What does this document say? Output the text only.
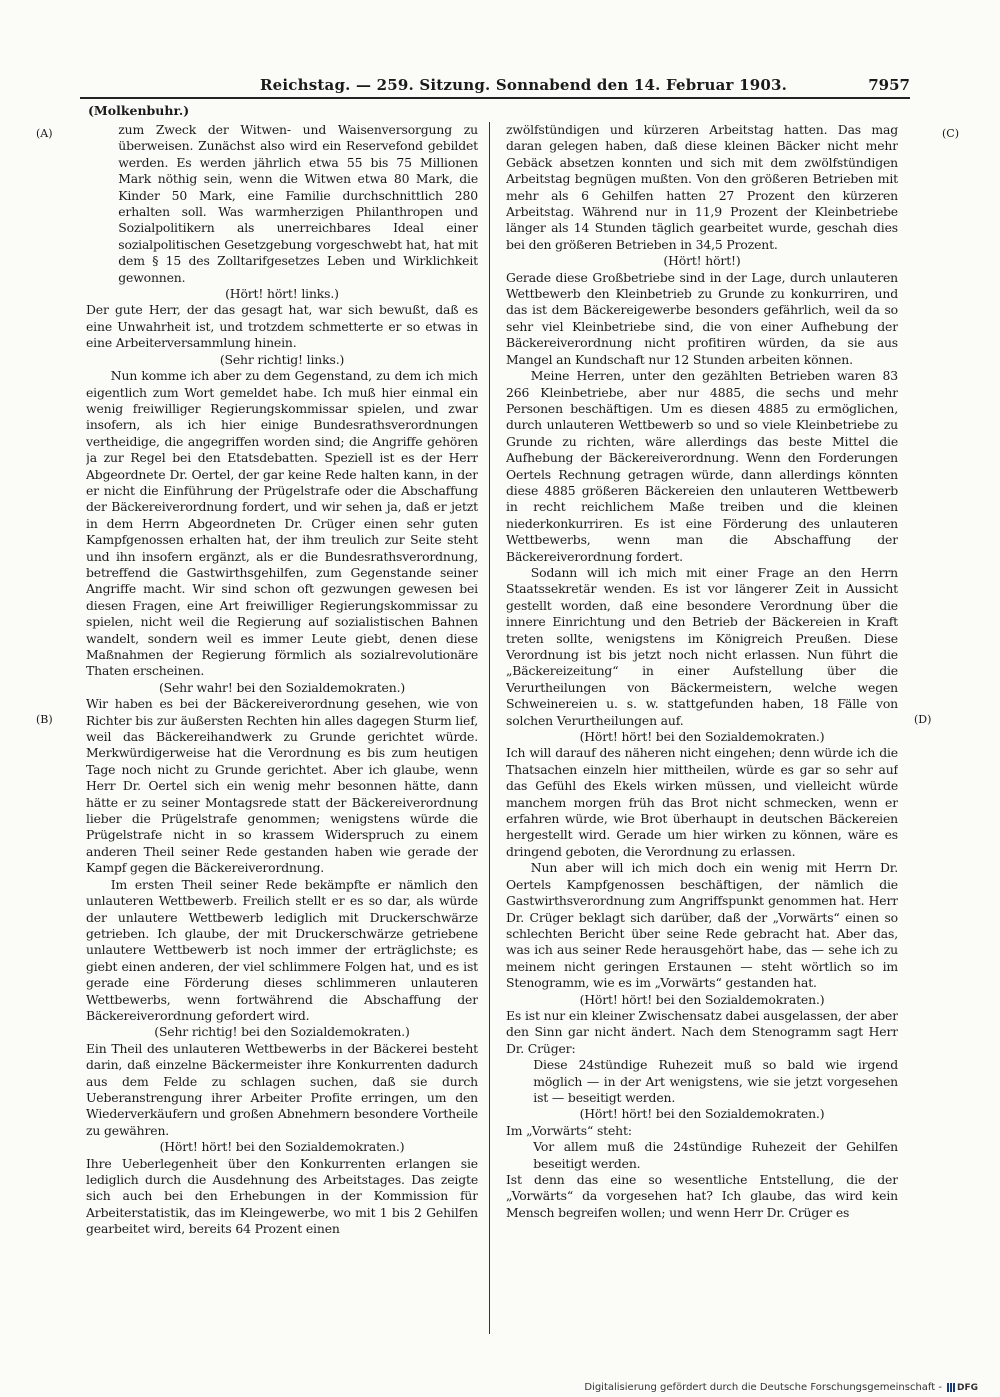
Reichstag. — 259. Sitzung. Sonnabend den 14. Februar 1903.	7957
(Molkenbuhr.)
(A)
(B)
(C)
(D)

zum Zweck der Witwen- und Waisenversorgung zu überweisen. Zunächst also wird ein Reservefond gebildet werden. Es werden jährlich etwa 55 bis 75 Millionen Mark nöthig sein, wenn die Witwen etwa 80 Mark, die Kinder 50 Mark, eine Familie durchschnittlich 280 erhalten soll. Was warmherzigen Philanthropen und Sozialpolitikern als unerreichbares Ideal einer sozialpolitischen Gesetzgebung vorgeschwebt hat, hat mit dem § 15 des Zolltarifgesetzes Leben und Wirklichkeit gewonnen.

(Hört! hört! links.)

Der gute Herr, der das gesagt hat, war sich bewußt, daß es eine Unwahrheit ist, und trotzdem schmetterte er so etwas in eine Arbeiterversammlung hinein.

(Sehr richtig! links.)

Nun komme ich aber zu dem Gegenstand, zu dem ich mich eigentlich zum Wort gemeldet habe. Ich muß hier einmal ein wenig freiwilliger Regierungskommissar spielen, und zwar insofern, als ich hier einige Bundesrathsverordnungen vertheidige, die angegriffen worden sind; die Angriffe gehören ja zur Regel bei den Etatsdebatten. Speziell ist es der Herr Abgeordnete Dr. Oertel, der gar keine Rede halten kann, in der er nicht die Einführung der Prügelstrafe oder die Abschaffung der Bäckereiverordnung fordert, und wir sehen ja, daß er jetzt in dem Herrn Abgeordneten Dr. Crüger einen sehr guten Kampfgenossen erhalten hat, der ihm treulich zur Seite steht und ihn insofern ergänzt, als er die Bundesrathsverordnung, betreffend die Gastwirthsgehilfen, zum Gegenstande seiner Angriffe macht. Wir sind schon oft gezwungen gewesen bei diesen Fragen, eine Art freiwilliger Regierungskommissar zu spielen, nicht weil die Regierung auf sozialistischen Bahnen wandelt, sondern weil es immer Leute giebt, denen diese Maßnahmen der Regierung förmlich als sozialrevolutionäre Thaten erscheinen.

(Sehr wahr! bei den Sozialdemokraten.)

Wir haben es bei der Bäckereiverordnung gesehen, wie von Richter bis zur äußersten Rechten hin alles dagegen Sturm lief, weil das Bäckereihandwerk zu Grunde gerichtet würde. Merkwürdigerweise hat die Verordnung es bis zum heutigen Tage noch nicht zu Grunde gerichtet. Aber ich glaube, wenn Herr Dr. Oertel sich ein wenig mehr besonnen hätte, dann hätte er zu seiner Montagsrede statt der Bäckereiverordnung lieber die Prügelstrafe genommen; wenigstens würde die Prügelstrafe nicht in so krassem Widerspruch zu einem anderen Theil seiner Rede gestanden haben wie gerade der Kampf gegen die Bäckereiverordnung.

Im ersten Theil seiner Rede bekämpfte er nämlich den unlauteren Wettbewerb. Freilich stellt er es so dar, als würde der unlautere Wettbewerb lediglich mit Druckerschwärze getrieben. Ich glaube, der mit Druckerschwärze getriebene unlautere Wettbewerb ist noch immer der erträglichste; es giebt einen anderen, der viel schlimmere Folgen hat, und es ist gerade eine Förderung dieses schlimmeren unlauteren Wettbewerbs, wenn fortwährend die Abschaffung der Bäckereiverordnung gefordert wird.

(Sehr richtig! bei den Sozialdemokraten.)

Ein Theil des unlauteren Wettbewerbs in der Bäckerei besteht darin, daß einzelne Bäckermeister ihre Konkurrenten dadurch aus dem Felde zu schlagen suchen, daß sie durch Ueberanstrengung ihrer Arbeiter Profite erringen, um den Wiederverkäufern und großen Abnehmern besondere Vortheile zu gewähren.

(Hört! hört! bei den Sozialdemokraten.)

Ihre Ueberlegenheit über den Konkurrenten erlangen sie lediglich durch die Ausdehnung des Arbeitstages. Das zeigte sich auch bei den Erhebungen in der Kommission für Arbeiterstatistik, das im Kleingewerbe, wo mit 1 bis 2 Gehilfen gearbeitet wird, bereits 64 Prozent einen

zwölfstündigen und kürzeren Arbeitstag hatten. Das mag daran gelegen haben, daß diese kleinen Bäcker nicht mehr Gebäck absetzen konnten und sich mit dem zwölfstündigen Arbeitstag begnügen mußten. Von den größeren Betrieben mit mehr als 6 Gehilfen hatten 27 Prozent den kürzeren Arbeitstag. Während nur in 11,9 Prozent der Kleinbetriebe länger als 14 Stunden täglich gearbeitet wurde, geschah dies bei den größeren Betrieben in 34,5 Prozent.

(Hört! hört!)

Gerade diese Großbetriebe sind in der Lage, durch unlauteren Wettbewerb den Kleinbetrieb zu Grunde zu konkurriren, und das ist dem Bäckereigewerbe besonders gefährlich, weil da so sehr viel Kleinbetriebe sind, die von einer Aufhebung der Bäckereiverordnung nicht profitiren würden, da sie aus Mangel an Kundschaft nur 12 Stunden arbeiten können.

Meine Herren, unter den gezählten Betrieben waren 83 266 Kleinbetriebe, aber nur 4885, die sechs und mehr Personen beschäftigen. Um es diesen 4885 zu ermöglichen, durch unlauteren Wettbewerb so und so viele Kleinbetriebe zu Grunde zu richten, wäre allerdings das beste Mittel die Aufhebung der Bäckereiverordnung. Wenn den Forderungen Oertels Rechnung getragen würde, dann allerdings könnten diese 4885 größeren Bäckereien den unlauteren Wettbewerb in recht reichlichem Maße treiben und die kleinen niederkonkurriren. Es ist eine Förderung des unlauteren Wettbewerbs, wenn man die Abschaffung der Bäckereiverordnung fordert.

Sodann will ich mich mit einer Frage an den Herrn Staatssekretär wenden. Es ist vor längerer Zeit in Aussicht gestellt worden, daß eine besondere Verordnung über die innere Einrichtung und den Betrieb der Bäckereien in Kraft treten sollte, wenigstens im Königreich Preußen. Diese Verordnung ist bis jetzt noch nicht erlassen. Nun führt die „Bäckereizeitung“ in einer Aufstellung über die Verurtheilungen von Bäckermeistern, welche wegen Schweinereien u. s. w. stattgefunden haben, 18 Fälle von solchen Verurtheilungen auf.

(Hört! hört! bei den Sozialdemokraten.)

Ich will darauf des näheren nicht eingehen; denn würde ich die Thatsachen einzeln hier mittheilen, würde es gar so sehr auf das Gefühl des Ekels wirken müssen, und vielleicht würde manchem morgen früh das Brot nicht schmecken, wenn er erfahren würde, wie Brot überhaupt in deutschen Bäckereien hergestellt wird. Gerade um hier wirken zu können, wäre es dringend geboten, die Verordnung zu erlassen.

Nun aber will ich mich doch ein wenig mit Herrn Dr. Oertels Kampfgenossen beschäftigen, der nämlich die Gastwirthsverordnung zum Angriffspunkt genommen hat. Herr Dr. Crüger beklagt sich darüber, daß der „Vorwärts“ einen so schlechten Bericht über seine Rede gebracht hat. Aber das, was ich aus seiner Rede herausgehört habe, das — sehe ich zu meinem nicht geringen Erstaunen — steht wörtlich so im Stenogramm, wie es im „Vorwärts“ gestanden hat.

(Hört! hört! bei den Sozialdemokraten.)

Es ist nur ein kleiner Zwischensatz dabei ausgelassen, der aber den Sinn gar nicht ändert. Nach dem Stenogramm sagt Herr Dr. Crüger:

Diese 24stündige Ruhezeit muß so bald wie irgend möglich — in der Art wenigstens, wie sie jetzt vorgesehen ist — beseitigt werden.

(Hört! hört! bei den Sozialdemokraten.)

Im „Vorwärts“ steht:

Vor allem muß die 24stündige Ruhezeit der Gehilfen beseitigt werden.

Ist denn das eine so wesentliche Entstellung, die der „Vorwärts“ da vorgesehen hat? Ich glaube, das wird kein Mensch begreifen wollen; und wenn Herr Dr. Crüger es

Digitalisierung gefördert durch die Deutsche Forschungsgemeinschaft - DFG
